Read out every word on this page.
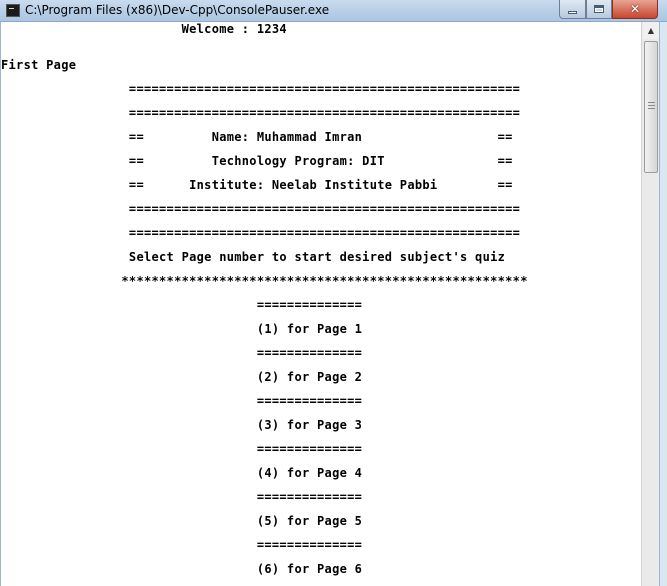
C:\Program Files (x86)\Dev-Cpp\ConsolePauser.exe	✕
Welcome : 1234
First Page
====================================================
====================================================
==         Name: Muhammad Imran                  ==
==         Technology Program: DIT               ==
==      Institute: Neelab Institute Pabbi        ==
====================================================
====================================================
Select Page number to start desired subject's quiz
******************************************************
==============
(1) for Page 1
==============
(2) for Page 2
==============
(3) for Page 3
==============
(4) for Page 4
==============
(5) for Page 5
==============
(6) for Page 6
▲
